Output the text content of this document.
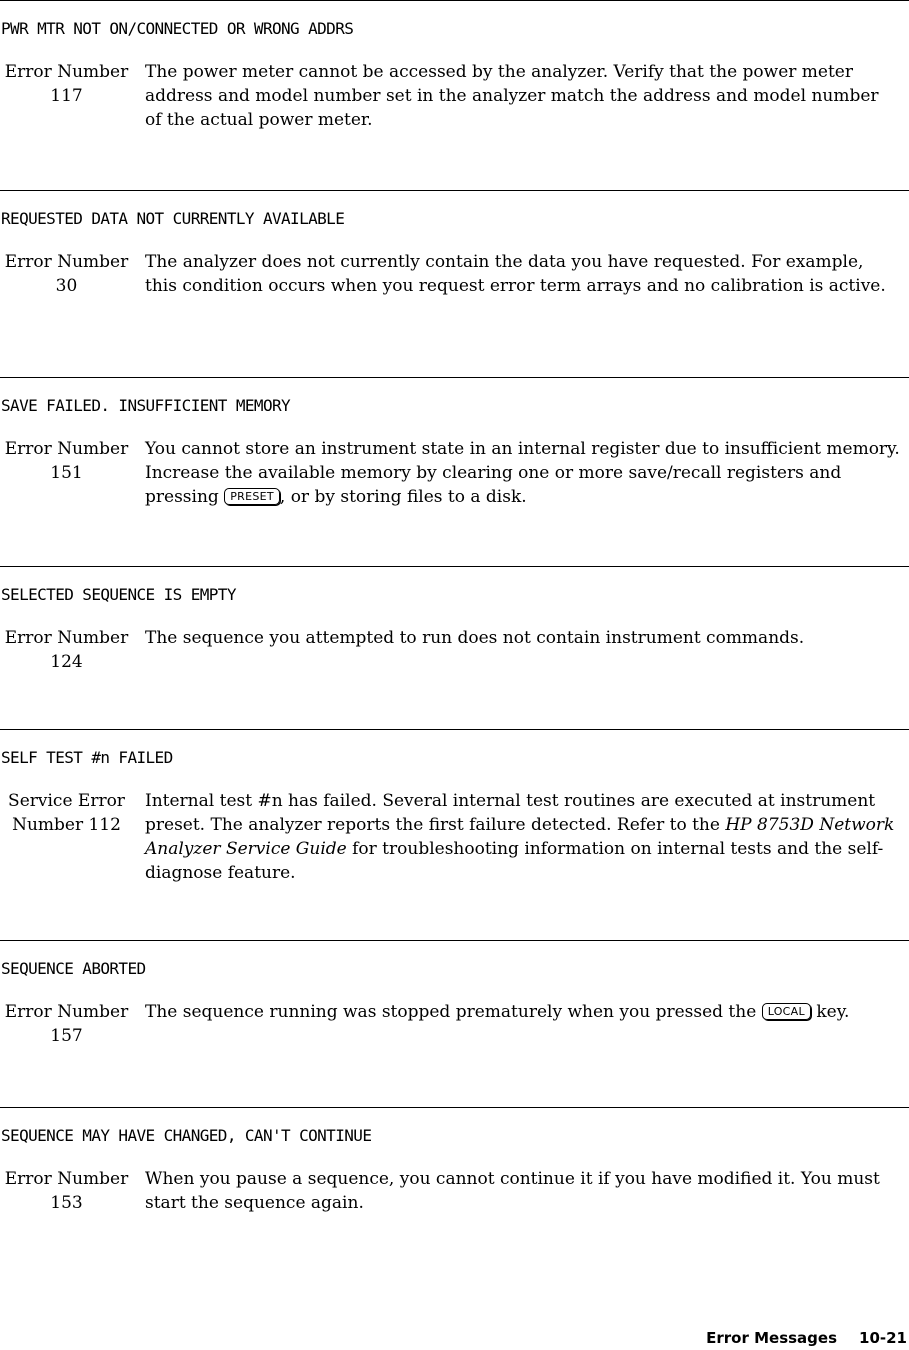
PWR MTR NOT ON/CONNECTED OR WRONG ADDRS
Error Number
117
The power meter cannot be accessed by the analyzer. Verify that the power meter address and model number set in the analyzer match the address and model number of the actual power meter.
REQUESTED DATA NOT CURRENTLY AVAILABLE
Error Number
30
The analyzer does not currently contain the data you have requested. For example, this condition occurs when you request error term arrays and no calibration is active.
SAVE FAILED. INSUFFICIENT MEMORY
Error Number
151
You cannot store an instrument state in an internal register due to insufficient memory. Increase the available memory by clearing one or more save/recall registers and pressing PRESET , or by storing files to a disk.
SELECTED SEQUENCE IS EMPTY
Error Number
124
The sequence you attempted to run does not contain instrument commands.
SELF TEST #n FAILED
Service Error
Number 112
Internal test #n has failed. Several internal test routines are executed at instrument preset. The analyzer reports the first failure detected. Refer to the HP 8753D Network Analyzer Service Guide for troubleshooting information on internal tests and the self-diagnose feature.
SEQUENCE ABORTED
Error Number
157
The sequence running was stopped prematurely when you pressed the LOCAL key.
SEQUENCE MAY HAVE CHANGED, CAN'T CONTINUE
Error Number
153
When you pause a sequence, you cannot continue it if you have modified it. You must start the sequence again.
Error Messages 10-21
